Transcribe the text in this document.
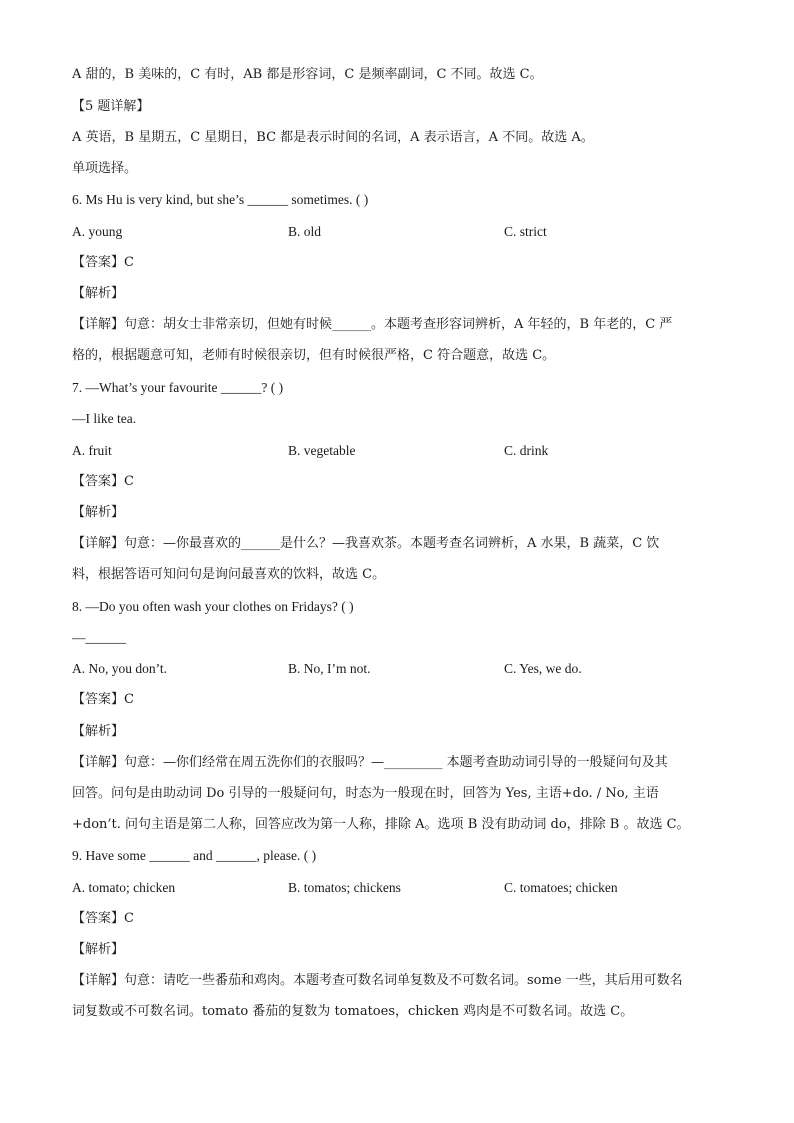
A 甜的，B 美味的，C 有时，AB 都是形容词，C 是频率副词，C 不同。故选 C。
【5 题详解】
A 英语，B 星期五，C 星期日，BC 都是表示时间的名词，A 表示语言，A 不同。故选 A。
单项选择。
6. Ms Hu is very kind, but she’s ______ sometimes. ( )
A. young	B. old	C. strict
【答案】C
【解析】
【详解】句意：胡女士非常亲切，但她有时候______。本题考查形容词辨析，A 年轻的，B 年老的，C 严
格的，根据题意可知，老师有时候很亲切，但有时候很严格，C 符合题意，故选 C。
7. —What’s your favourite ______? ( )
—I like tea.
A. fruit	B. vegetable	C. drink
【答案】C
【解析】
【详解】句意：—你最喜欢的______是什么？—我喜欢茶。本题考查名词辨析，A 水果，B 蔬菜，C 饮
料，根据答语可知问句是询问最喜欢的饮料，故选 C。
8. —Do you often wash your clothes on Fridays? ( )
—______
A. No, you don’t.	B. No, I’m not.	C. Yes, we do.
【答案】C
【解析】
【详解】句意：—你们经常在周五洗你们的衣服吗？—_________ 本题考查助动词引导的一般疑问句及其
回答。问句是由助动词 Do 引导的一般疑问句，时态为一般现在时，回答为 Yes, 主语+do. / No, 主语
+don’t. 问句主语是第二人称，回答应改为第一人称，排除 A。选项 B 没有助动词 do，排除 B 。故选 C。
9. Have some ______ and ______, please. ( )
A. tomato; chicken	B. tomatos; chickens	C. tomatoes; chicken
【答案】C
【解析】
【详解】句意：请吃一些番茄和鸡肉。本题考查可数名词单复数及不可数名词。some 一些，其后用可数名
词复数或不可数名词。tomato 番茄的复数为 tomatoes，chicken 鸡肉是不可数名词。故选 C。
